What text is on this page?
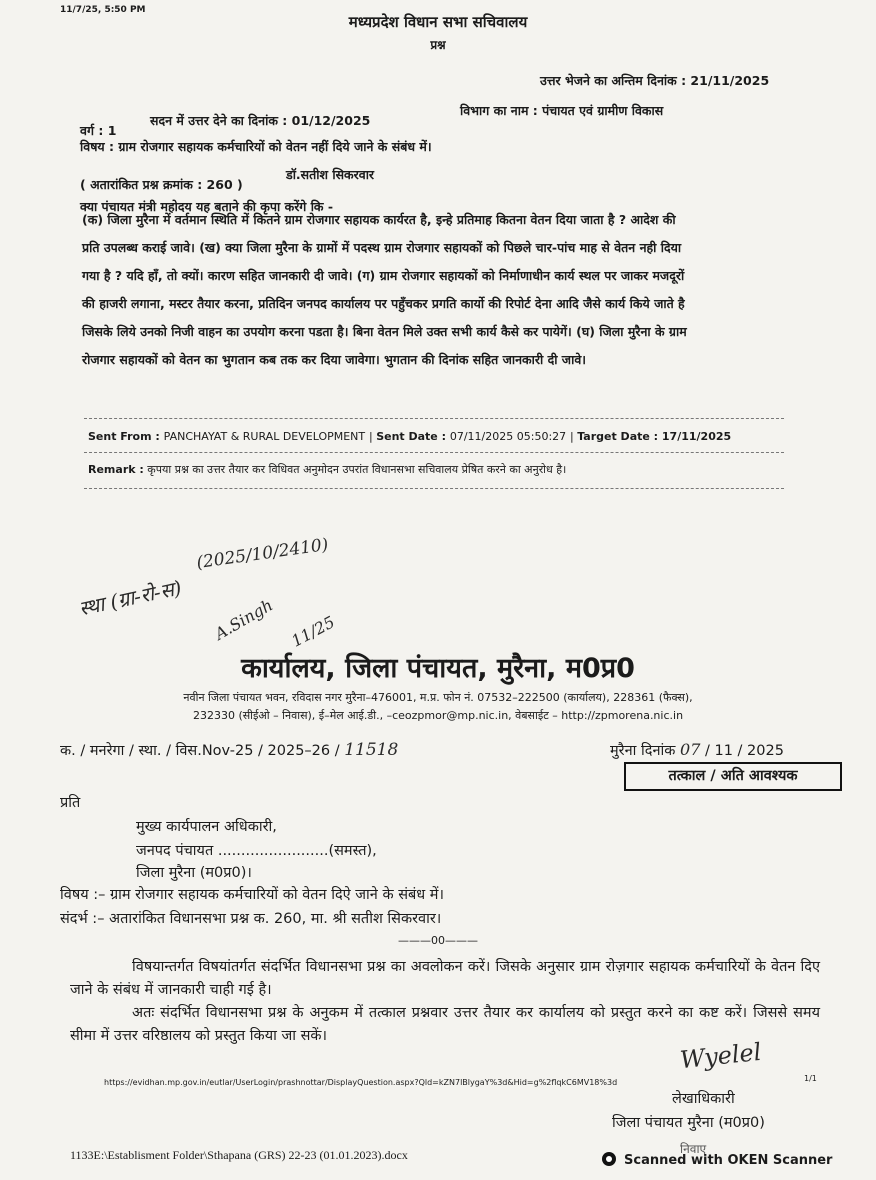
11/7/25, 5:50 PM
मध्यप्रदेश विधान सभा सचिवालय
प्रश्न
उत्तर भेजने का अन्तिम दिनांक : 21/11/2025
वर्ग : 1
सदन में उत्तर देने का दिनांक : 01/12/2025
विभाग का नाम : पंचायत एवं ग्रामीण विकास
विषय : ग्राम रोजगार सहायक कर्मचारियों को वेतन नहीं दिये जाने के संबंध में।
( अतारांकित प्रश्न क्रमांक : 260 )
डॉ.सतीश सिकरवार
क्या पंचायत मंत्री महोदय यह बताने की कृपा करेंगे कि -

(क) जिला मुरैना में वर्तमान स्थिति में कितने ग्राम रोजगार सहायक कार्यरत है, इन्हे प्रतिमाह कितना वेतन दिया जाता है ? आदेश की

प्रति उपलब्ध कराई जावे। (ख) क्या जिला मुरैना के ग्रामों में पदस्थ ग्राम रोजगार सहायकों को पिछले चार-पांच माह से वेतन नही दिया

गया है ? यदि हाँ, तो क्यों। कारण सहित जानकारी दी जावे। (ग) ग्राम रोजगार सहायकों को निर्माणाधीन कार्य स्थल पर जाकर मजदूरों

की हाजरी लगाना, मस्टर तैयार करना, प्रतिदिन जनपद कार्यालय पर पहुँचकर प्रगति कार्यो की रिपोर्ट देना आदि जैसे कार्य किये जाते है

जिसके लिये उनको निजी वाहन का उपयोग करना पडता है। बिना वेतन मिले उक्त सभी कार्य कैसे कर पायेगें। (घ) जिला मुरैना के ग्राम

रोजगार सहायकों को वेतन का भुगतान कब तक कर दिया जावेगा। भुगतान की दिनांक सहित जानकारी दी जावे।

Sent From : PANCHAYAT & RURAL DEVELOPMENT | Sent Date : 07/11/2025 05:50:27 | Target Date : 17/11/2025
Remark : कृपया प्रश्न का उत्तर तैयार कर विधिवत अनुमोदन उपरांत विधानसभा सचिवालय प्रेषित करने का अनुरोध है।
(2025/10/2410)
स्था (ग्रा-रो-स) A.Singh 11/25
कार्यालय, जिला पंचायत, मुरैना, म0प्र0
नवीन जिला पंचायत भवन, रविदास नगर मुरैना–476001, म.प्र. फोन नं. 07532–222500 (कार्यालय), 228361 (फैक्स),
232330 (सीईओ – निवास), ई–मेल आई.डी., –ceozpmor@mp.nic.in, वेबसाईट – http://zpmorena.nic.in
क. / मनरेगा / स्था. / विस.Nov-25 / 2025–26 / 11518	मुरैना दिनांक 07 / 11 / 2025
तत्काल / अति आवश्यक
प्रति
मुख्य कार्यपालन अधिकारी,
जनपद पंचायत ........................(समस्त),
जिला मुरैना (म0प्र0)।
विषय :– ग्राम रोजगार सहायक कर्मचारियों को वेतन दिऐ जाने के संबंध में।
संदर्भ :– अतारांकित विधानसभा प्रश्न क. 260, मा. श्री सतीश सिकरवार।
———00———

विषयान्तर्गत विषयांतर्गत संदर्भित विधानसभा प्रश्न का अवलोकन करें। जिसके अनुसार ग्राम रोज़गार सहायक कर्मचारियों के वेतन दिए जाने के संबंध में जानकारी चाही गई है।

अतः संदर्भित विधानसभा प्रश्न के अनुकम में तत्काल प्रश्नवार उत्तर तैयार कर कार्यालय को प्रस्तुत करने का कष्ट करें। जिससे समय सीमा में उत्तर वरिष्ठालय को प्रस्तुत किया जा सकें।

https://evidhan.mp.gov.in/eutlar/UserLogin/prashnottar/DisplayQuestion.aspx?Qld=kZN7lBlygaY%3d&Hid=g%2flqkC6MV18%3d	1/1
Wyelel
लेखाधिकारी
जिला पंचायत मुरैना (म0प्र0)
1133E:\Establisment Folder\Sthapana (GRS) 22-23 (01.01.2023).docx	निवाए
Scanned with OKEN Scanner
